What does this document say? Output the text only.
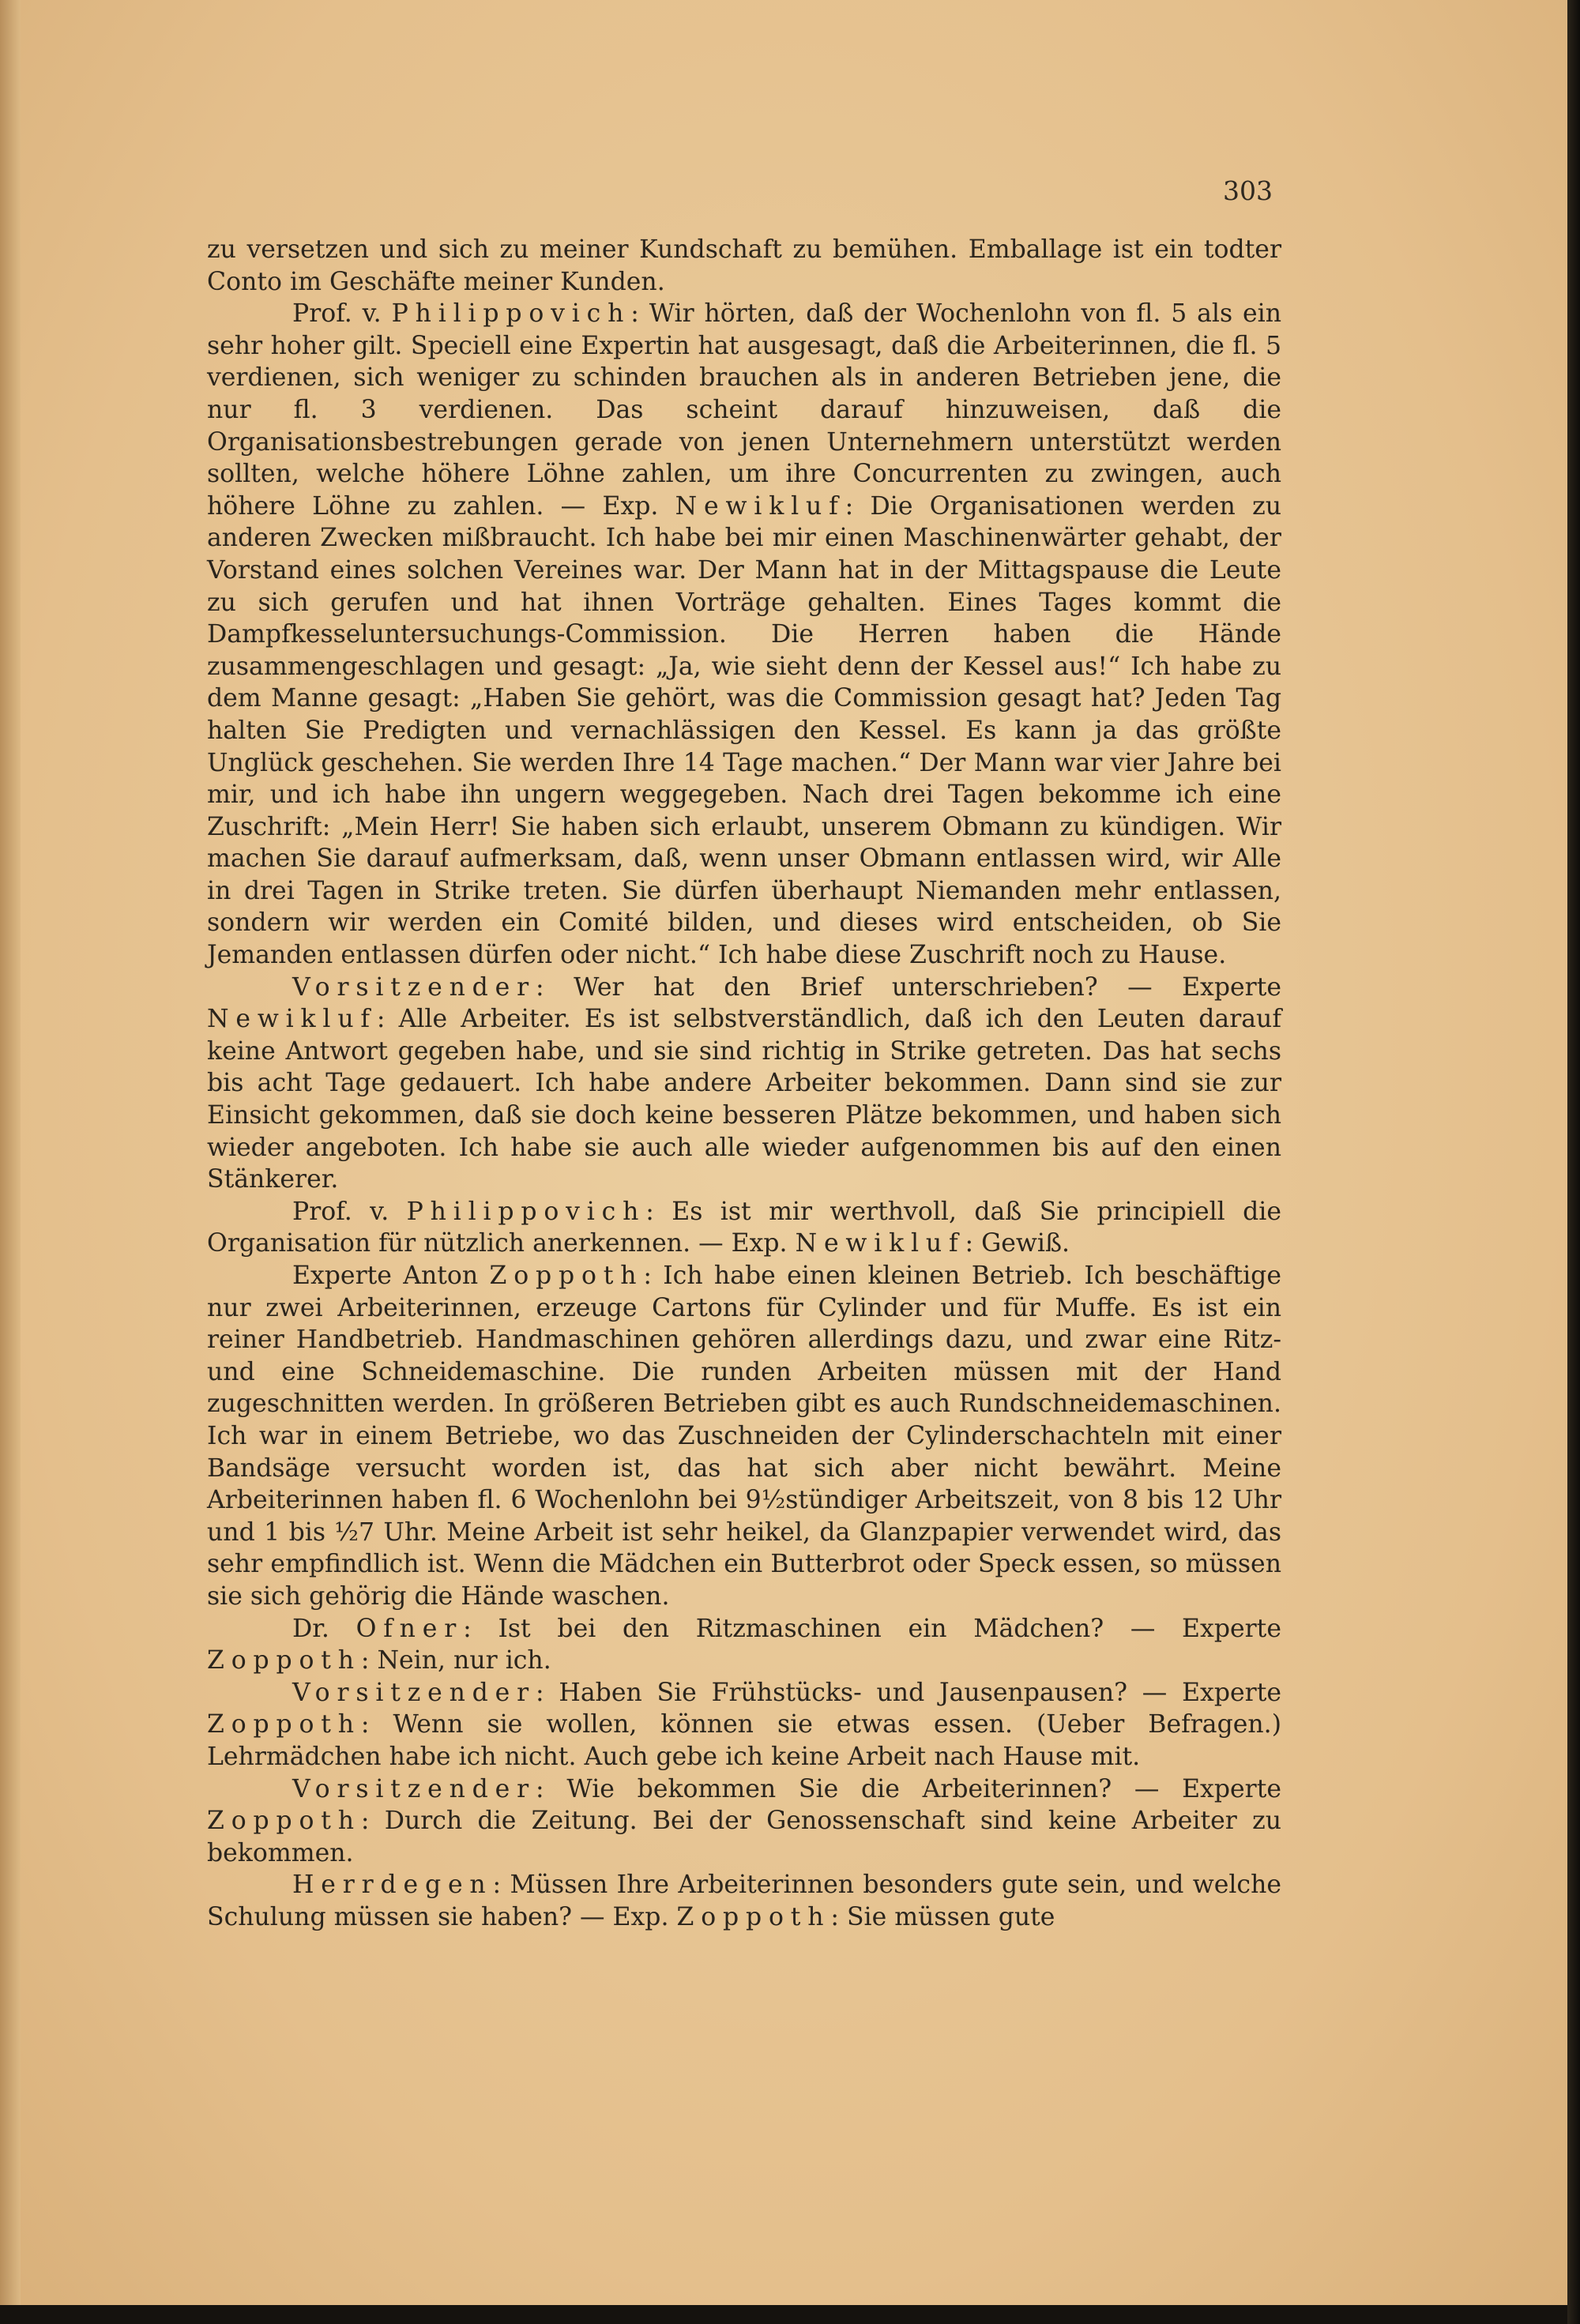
303

zu versetzen und sich zu meiner Kundschaft zu bemühen. Emballage ist ein todter Conto im Geschäfte meiner Kunden.

Prof. v. Philippovich: Wir hörten, daß der Wochenlohn von fl. 5 als ein sehr hoher gilt. Speciell eine Expertin hat ausgesagt, daß die Arbeiterinnen, die fl. 5 verdienen, sich weniger zu schinden brauchen als in anderen Betrieben jene, die nur fl. 3 verdienen. Das scheint darauf hinzuweisen, daß die Organisationsbestrebungen gerade von jenen Unternehmern unterstützt werden sollten, welche höhere Löhne zahlen, um ihre Concurrenten zu zwingen, auch höhere Löhne zu zahlen. — Exp. Newikluf: Die Organisationen werden zu anderen Zwecken mißbraucht. Ich habe bei mir einen Maschinenwärter gehabt, der Vorstand eines solchen Vereines war. Der Mann hat in der Mittagspause die Leute zu sich gerufen und hat ihnen Vorträge gehalten. Eines Tages kommt die Dampfkesseluntersuchungs-Commission. Die Herren haben die Hände zusammengeschlagen und gesagt: „Ja, wie sieht denn der Kessel aus!“ Ich habe zu dem Manne gesagt: „Haben Sie gehört, was die Commission gesagt hat? Jeden Tag halten Sie Predigten und vernachlässigen den Kessel. Es kann ja das größte Unglück geschehen. Sie werden Ihre 14 Tage machen.“ Der Mann war vier Jahre bei mir, und ich habe ihn ungern weggegeben. Nach drei Tagen bekomme ich eine Zuschrift: „Mein Herr! Sie haben sich erlaubt, unserem Obmann zu kündigen. Wir machen Sie darauf aufmerksam, daß, wenn unser Obmann entlassen wird, wir Alle in drei Tagen in Strike treten. Sie dürfen überhaupt Niemanden mehr entlassen, sondern wir werden ein Comité bilden, und dieses wird entscheiden, ob Sie Jemanden entlassen dürfen oder nicht.“ Ich habe diese Zuschrift noch zu Hause.

Vorsitzender: Wer hat den Brief unterschrieben? — Experte Newikluf: Alle Arbeiter. Es ist selbstverständlich, daß ich den Leuten darauf keine Antwort gegeben habe, und sie sind richtig in Strike getreten. Das hat sechs bis acht Tage gedauert. Ich habe andere Arbeiter bekommen. Dann sind sie zur Einsicht gekommen, daß sie doch keine besseren Plätze bekommen, und haben sich wieder angeboten. Ich habe sie auch alle wieder aufgenommen bis auf den einen Stänkerer.

Prof. v. Philippovich: Es ist mir werthvoll, daß Sie principiell die Organisation für nützlich anerkennen. — Exp. Newikluf: Gewiß.

Experte Anton Zoppoth: Ich habe einen kleinen Betrieb. Ich beschäftige nur zwei Arbeiterinnen, erzeuge Cartons für Cylinder und für Muffe. Es ist ein reiner Handbetrieb. Handmaschinen gehören allerdings dazu, und zwar eine Ritz- und eine Schneidemaschine. Die runden Arbeiten müssen mit der Hand zugeschnitten werden. In größeren Betrieben gibt es auch Rundschneidemaschinen. Ich war in einem Betriebe, wo das Zuschneiden der Cylinderschachteln mit einer Bandsäge versucht worden ist, das hat sich aber nicht bewährt. Meine Arbeiterinnen haben fl. 6 Wochenlohn bei 9½stündiger Arbeitszeit, von 8 bis 12 Uhr und 1 bis ½7 Uhr. Meine Arbeit ist sehr heikel, da Glanzpapier verwendet wird, das sehr empfindlich ist. Wenn die Mädchen ein Butterbrot oder Speck essen, so müssen sie sich gehörig die Hände waschen.

Dr. Ofner: Ist bei den Ritzmaschinen ein Mädchen? — Experte Zoppoth: Nein, nur ich.

Vorsitzender: Haben Sie Frühstücks- und Jausenpausen? — Experte Zoppoth: Wenn sie wollen, können sie etwas essen. (Ueber Befragen.) Lehrmädchen habe ich nicht. Auch gebe ich keine Arbeit nach Hause mit.

Vorsitzender: Wie bekommen Sie die Arbeiterinnen? — Experte Zoppoth: Durch die Zeitung. Bei der Genossenschaft sind keine Arbeiter zu bekommen.

Herrdegen: Müssen Ihre Arbeiterinnen besonders gute sein, und welche Schulung müssen sie haben? — Exp. Zoppoth: Sie müssen gute
